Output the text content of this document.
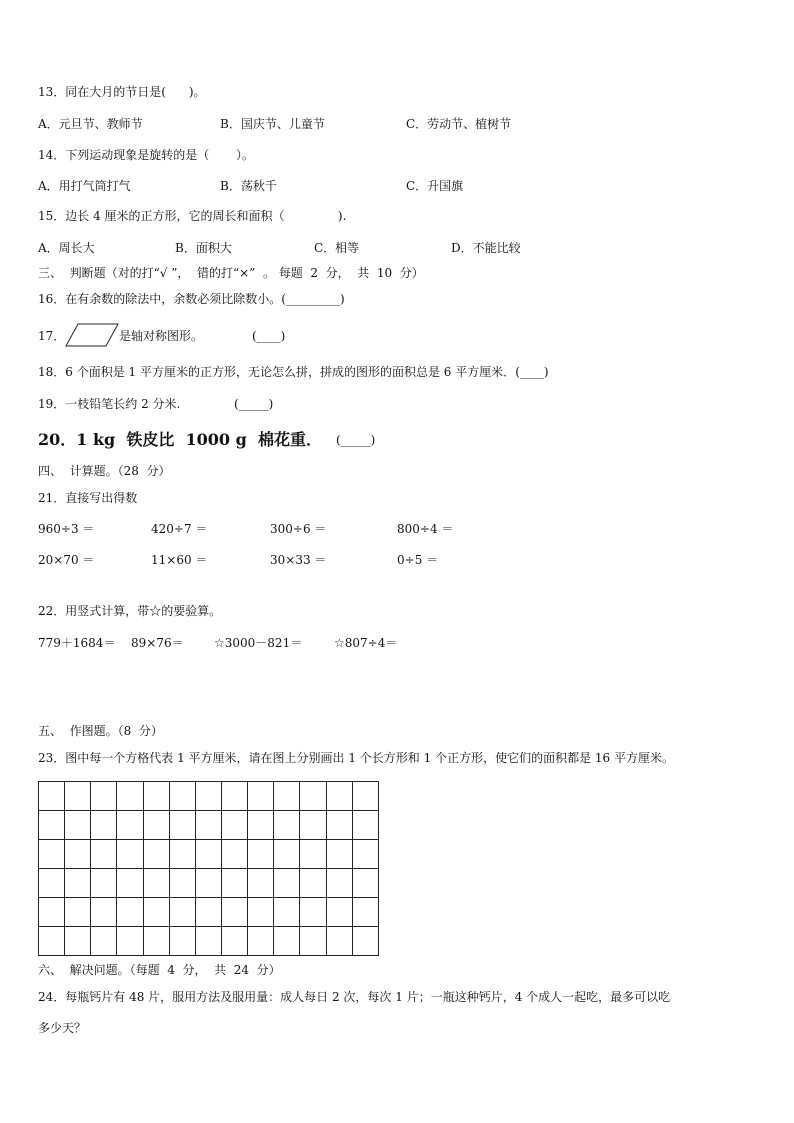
13．同在大月的节日是(      )。
A．元旦节、教师节	B．国庆节、儿童节	C．劳动节、植树节
14．下列运动现象是旋转的是（       ）。
A．用打气筒打气	B．荡秋千	C．升国旗
15．边长 4 厘米的正方形，它的周长和面积（              ).
A．周长大	B．面积大	C．相等	D．不能比较
三、  判断题（对的打“√ ”，  错的打“×”  。 每题  2  分，  共  10  分）
16．在有余数的除法中，余数必须比除数小。(_________)
17．	是轴对称图形。	(____)
18．6 个面积是 1 平方厘米的正方形，无论怎么拼，拼成的图形的面积总是 6 平方厘米．(____)
19．一枝铅笔长约 2 分米.	(_____)
20．1 kg  铁皮比  1000 g  棉花重． (_____)
四、  计算题。（28  分）
21．直接写出得数
960÷3 ＝	420÷7 ＝	300÷6 ＝	800÷4 ＝
20×70 ＝	11×60 ＝	30×33 ＝	0÷5 ＝
22．用竖式计算，带☆的要验算。
779＋1684＝ 89×76＝	☆3000－821＝	☆807÷4＝
五、  作图题。（8  分）
23．图中每一个方格代表 1 平方厘米，请在图上分别画出 1 个长方形和 1 个正方形，使它们的面积都是 16 平方厘米。

六、  解决问题。（每题  4  分，  共  24  分）
24．每瓶钙片有 48 片，服用方法及服用量：成人每日 2 次，每次 1 片；一瓶这种钙片，4 个成人一起吃，最多可以吃
多少天？
